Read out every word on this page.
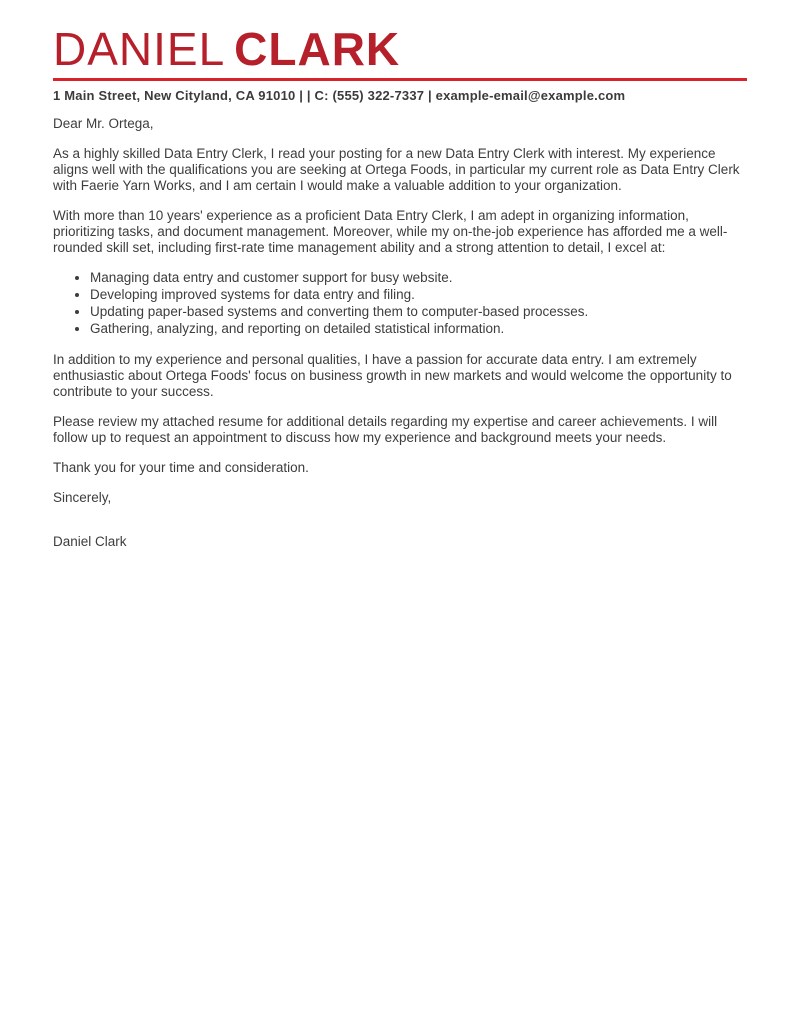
DANIEL CLARK
1 Main Street, New Cityland, CA 91010 | | C: (555) 322-7337 | example-email@example.com

Dear Mr. Ortega,

As a highly skilled Data Entry Clerk, I read your posting for a new Data Entry Clerk with interest. My experience aligns well with the qualifications you are seeking at Ortega Foods, in particular my current role as Data Entry Clerk with Faerie Yarn Works, and I am certain I would make a valuable addition to your organization.

With more than 10 years' experience as a proficient Data Entry Clerk, I am adept in organizing information, prioritizing tasks, and document management. Moreover, while my on-the-job experience has afforded me a well-rounded skill set, including first-rate time management ability and a strong attention to detail, I excel at:

• Managing data entry and customer support for busy website.
• Developing improved systems for data entry and filing.
• Updating paper-based systems and converting them to computer-based processes.
• Gathering, analyzing, and reporting on detailed statistical information.

In addition to my experience and personal qualities, I have a passion for accurate data entry. I am extremely enthusiastic about Ortega Foods' focus on business growth in new markets and would welcome the opportunity to contribute to your success.

Please review my attached resume for additional details regarding my expertise and career achievements. I will follow up to request an appointment to discuss how my experience and background meets your needs.

Thank you for your time and consideration.

Sincerely,

Daniel Clark
